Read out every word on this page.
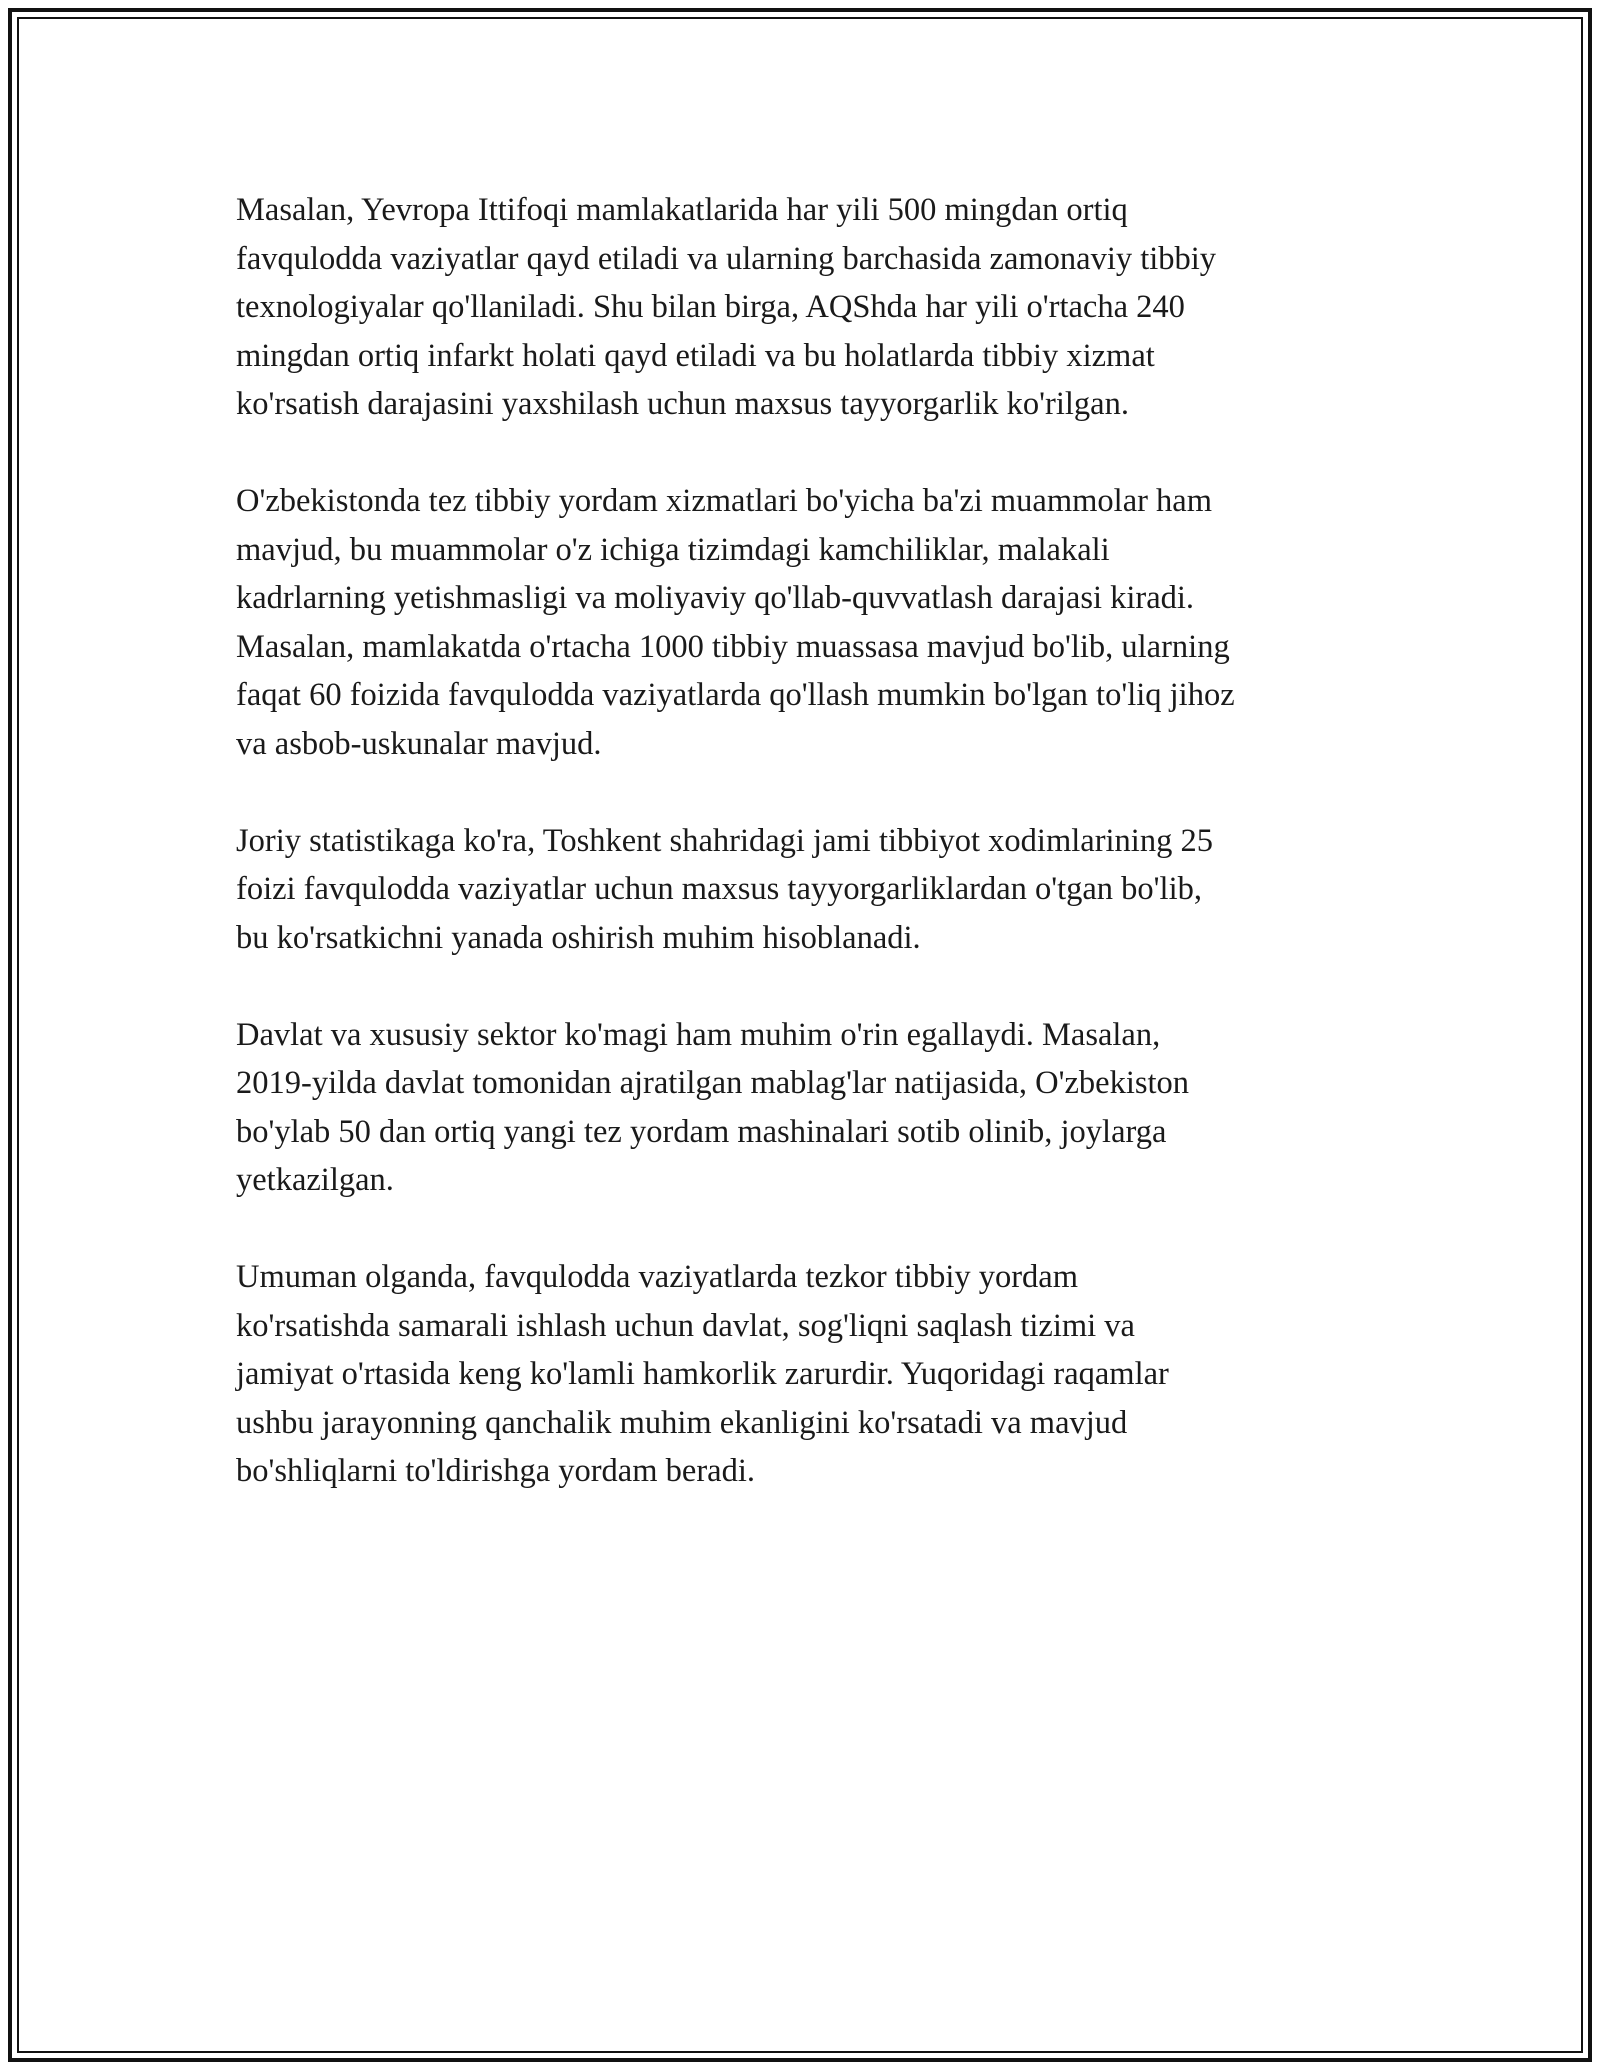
Masalan, Yevropa Ittifoqi mamlakatlarida har yili 500 mingdan ortiq
favqulodda vaziyatlar qayd etiladi va ularning barchasida zamonaviy tibbiy
texnologiyalar qo'llaniladi. Shu bilan birga, AQShda har yili o'rtacha 240
mingdan ortiq infarkt holati qayd etiladi va bu holatlarda tibbiy xizmat
ko'rsatish darajasini yaxshilash uchun maxsus tayyorgarlik ko'rilgan.

O'zbekistonda tez tibbiy yordam xizmatlari bo'yicha ba'zi muammolar ham
mavjud, bu muammolar o'z ichiga tizimdagi kamchiliklar, malakali
kadrlarning yetishmasligi va moliyaviy qo'llab-quvvatlash darajasi kiradi.
Masalan, mamlakatda o'rtacha 1000 tibbiy muassasa mavjud bo'lib, ularning
faqat 60 foizida favqulodda vaziyatlarda qo'llash mumkin bo'lgan to'liq jihoz
va asbob-uskunalar mavjud.

Joriy statistikaga ko'ra, Toshkent shahridagi jami tibbiyot xodimlarining 25
foizi favqulodda vaziyatlar uchun maxsus tayyorgarliklardan o'tgan bo'lib,
bu ko'rsatkichni yanada oshirish muhim hisoblanadi.

Davlat va xususiy sektor ko'magi ham muhim o'rin egallaydi. Masalan,
2019-yilda davlat tomonidan ajratilgan mablag'lar natijasida, O'zbekiston
bo'ylab 50 dan ortiq yangi tez yordam mashinalari sotib olinib, joylarga
yetkazilgan.

Umuman olganda, favqulodda vaziyatlarda tezkor tibbiy yordam
ko'rsatishda samarali ishlash uchun davlat, sog'liqni saqlash tizimi va
jamiyat o'rtasida keng ko'lamli hamkorlik zarurdir. Yuqoridagi raqamlar
ushbu jarayonning qanchalik muhim ekanligini ko'rsatadi va mavjud
bo'shliqlarni to'ldirishga yordam beradi.
